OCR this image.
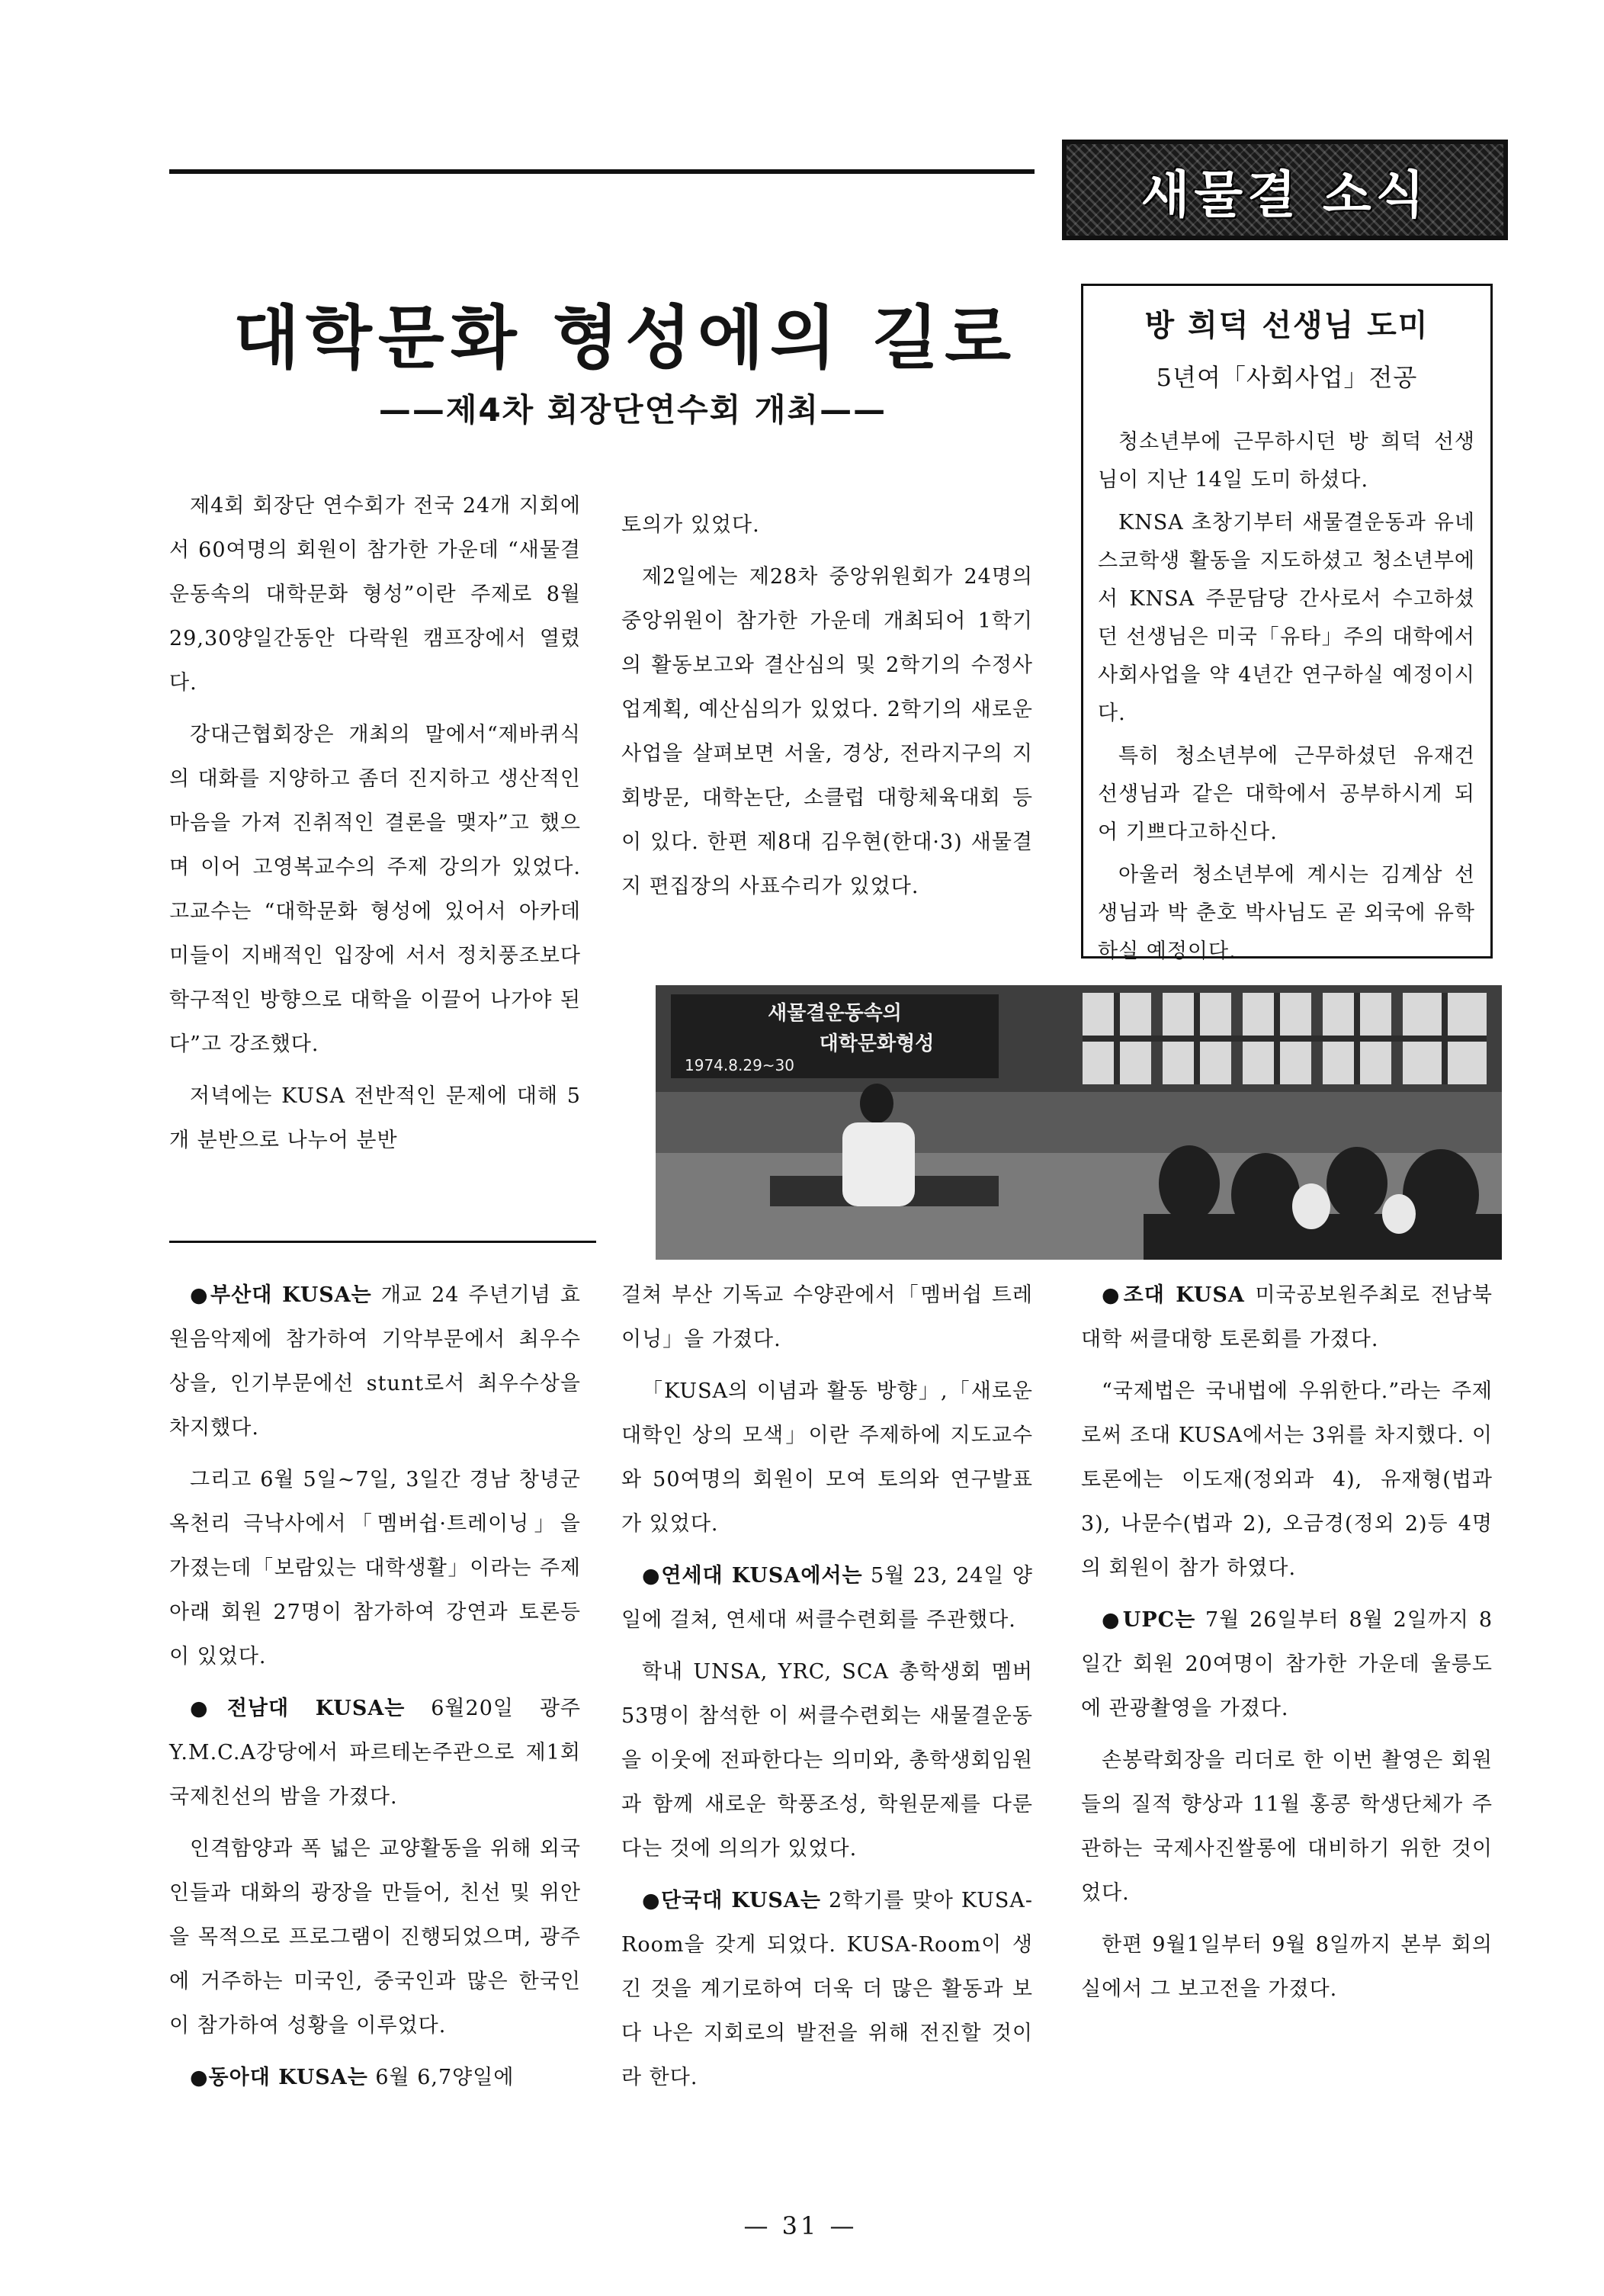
새물결 소식
대학문화 형성에의 길로
——제4차 회장단연수회 개최——

제4회 회장단 연수회가 전국 24개 지회에서 60여명의 회원이 참가한 가운데 “새물결운동속의 대학문화 형성”이란 주제로 8월 29,30양일간동안 다락원 캠프장에서 열렸다.

강대근협회장은 개최의 말에서“제바퀴식의 대화를 지양하고 좀더 진지하고 생산적인 마음을 가져 진취적인 결론을 맺자”고 했으며 이어 고영복교수의 주제 강의가 있었다. 고교수는 “대학문화 형성에 있어서 아카데미들이 지배적인 입장에 서서 정치풍조보다 학구적인 방향으로 대학을 이끌어 나가야 된다”고 강조했다.

저녁에는 KUSA 전반적인 문제에 대해 5개 분반으로 나누어 분반

토의가 있었다.

제2일에는 제28차 중앙위원회가 24명의 중앙위원이 참가한 가운데 개최되어 1학기의 활동보고와 결산심의 및 2학기의 수정사업계획, 예산심의가 있었다. 2학기의 새로운 사업을 살펴보면 서울, 경상, 전라지구의 지회방문, 대학논단, 소클럽 대항체육대회 등이 있다. 한편 제8대 김우현(한대·3) 새물결지 편집장의 사표수리가 있었다.

방 희덕 선생님 도미

5년여「사회사업」전공

청소년부에 근무하시던 방 희덕 선생님이 지난 14일 도미 하셨다.

KNSA 초창기부터 새물결운동과 유네스코학생 활동을 지도하셨고 청소년부에서 KNSA 주문담당 간사로서 수고하셨던 선생님은 미국「유타」주의 대학에서 사회사업을 약 4년간 연구하실 예정이시다.

특히 청소년부에 근무하셨던 유재건 선생님과 같은 대학에서 공부하시게 되어 기쁘다고하신다.

아울러 청소년부에 계시는 김계삼 선생님과 박 춘호 박사님도 곧 외국에 유학하실 예정이다.

새물결운동속의
대학문화형성
1974.8.29~30

●부산대 KUSA는 개교 24 주년기념 효원음악제에 참가하여 기악부문에서 최우수상을, 인기부문에선 stunt로서 최우수상을 차지했다.

그리고 6월 5일~7일, 3일간 경남 창녕군 옥천리 극낙사에서「멤버쉽·트레이닝」을 가졌는데「보람있는 대학생활」이라는 주제아래 회원 27명이 참가하여 강연과 토론등이 있었다.

●전남대 KUSA는 6월20일 광주 Y.M.C.A강당에서 파르테논주관으로 제1회 국제친선의 밤을 가졌다.

인격함양과 폭 넓은 교양활동을 위해 외국인들과 대화의 광장을 만들어, 친선 및 위안을 목적으로 프로그램이 진행되었으며, 광주에 거주하는 미국인, 중국인과 많은 한국인이 참가하여 성황을 이루었다.

●동아대 KUSA는 6월 6,7양일에

걸쳐 부산 기독교 수양관에서「멤버쉽 트레이닝」을 가졌다.

「KUSA의 이념과 활동 방향」,「새로운 대학인 상의 모색」이란 주제하에 지도교수와 50여명의 회원이 모여 토의와 연구발표가 있었다.

●연세대 KUSA에서는 5월 23, 24일 양일에 걸쳐, 연세대 써클수련회를 주관했다.

학내 UNSA, YRC, SCA 총학생회 멤버 53명이 참석한 이 써클수련회는 새물결운동을 이웃에 전파한다는 의미와, 총학생회임원과 함께 새로운 학풍조성, 학원문제를 다룬 다는 것에 의의가 있었다.

●단국대 KUSA는 2학기를 맞아 KUSA-Room을 갖게 되었다. KUSA-Room이 생긴 것을 계기로하여 더욱 더 많은 활동과 보다 나은 지회로의 발전을 위해 전진할 것이라 한다.

●조대 KUSA 미국공보원주최로 전남북대학 써클대항 토론회를 가졌다.

“국제법은 국내법에 우위한다.”라는 주제로써 조대 KUSA에서는 3위를 차지했다. 이 토론에는 이도재(정외과 4), 유재형(법과 3), 나문수(법과 2), 오금경(정외 2)등 4명의 회원이 참가 하였다.

●UPC는 7월 26일부터 8월 2일까지 8일간 회원 20여명이 참가한 가운데 울릉도에 관광촬영을 가졌다.

손봉락회장을 리더로 한 이번 촬영은 회원들의 질적 향상과 11월 홍콩 학생단체가 주관하는 국제사진쌀롱에 대비하기 위한 것이었다.

한편 9월1일부터 9월 8일까지 본부 회의실에서 그 보고전을 가졌다.

— 31 —
